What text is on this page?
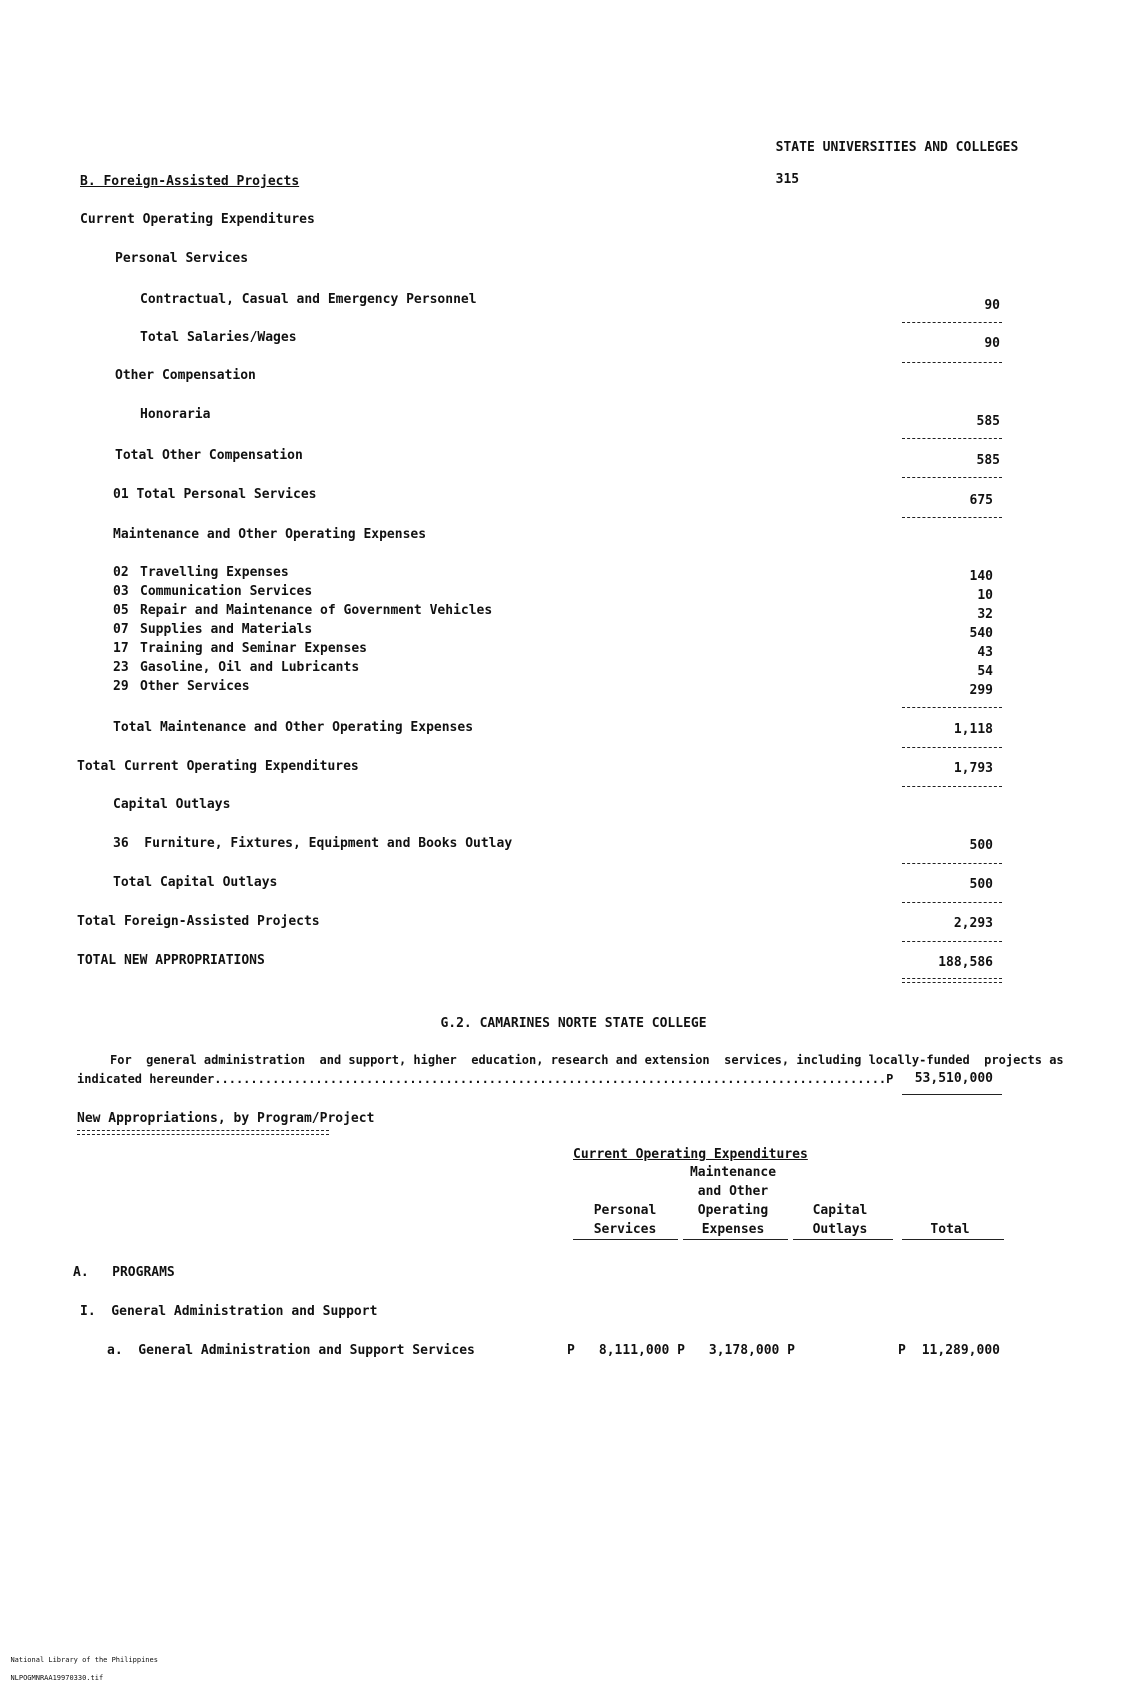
STATE UNIVERSITIES AND COLLEGES

315

B. Foreign-Assisted Projects
Current Operating Expenditures
Personal Services
Contractual, Casual and Emergency Personnel	90
Total Salaries/Wages	90
Other Compensation
Honoraria	585
Total Other Compensation	585
01 Total Personal Services	675
Maintenance and Other Operating Expenses
02 Travelling Expenses	140
03 Communication Services	10
05 Repair and Maintenance of Government Vehicles	32
07 Supplies and Materials	540
17 Training and Seminar Expenses	43
23 Gasoline, Oil and Lubricants	54
29 Other Services	299
Total Maintenance and Other Operating Expenses	1,118
Total Current Operating Expenditures	1,793
Capital Outlays
36  Furniture, Fixtures, Equipment and Books Outlay	500
Total Capital Outlays	500
Total Foreign-Assisted Projects	2,293
TOTAL NEW APPROPRIATIONS	188,586
G.2. CAMARINES NORTE STATE COLLEGE
For  general administration  and support, higher  education, research and extension  services, including locally-funded  projects as
indicated hereunder.............................................................................................P	53,510,000
New Appropriations, by Program/Project
Current Operating Expenditures
Personal
Services
Maintenance
and Other
Operating
Expenses
Capital
Outlays	Total
A.   PROGRAMS
I.  General Administration and Support
a.  General Administration and Support Services	P	8,111,000 P	3,178,000 P	P	11,289,000

National Library of the Philippines

NLPOGMNRAA19970330.tif
